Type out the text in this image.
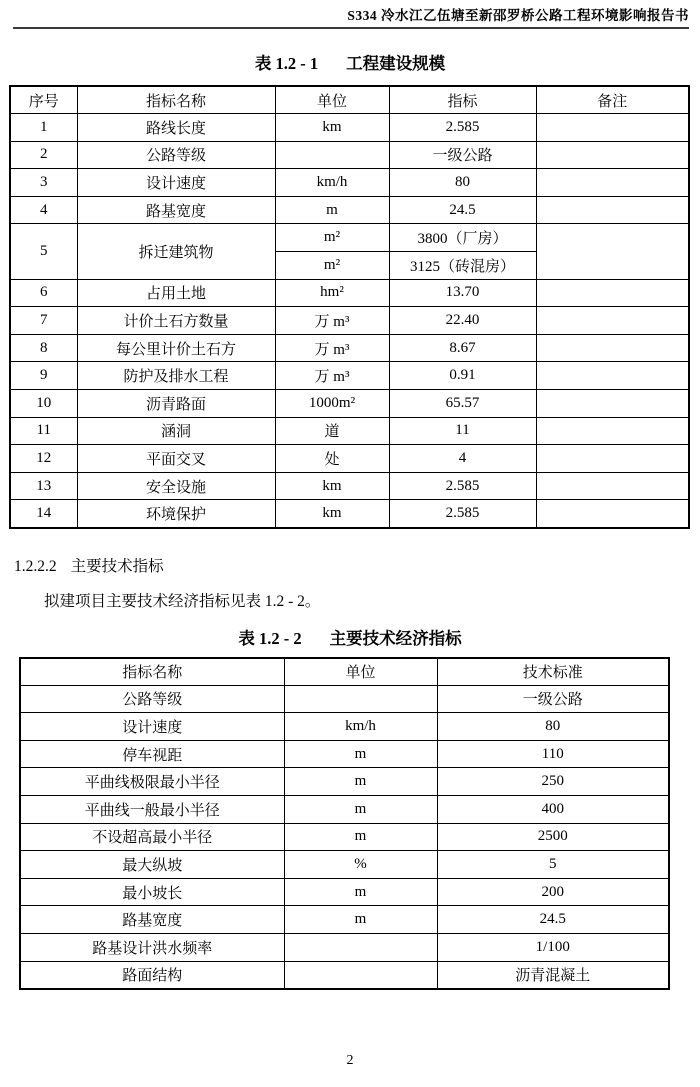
S334 冷水江乙伍塘至新邵罗桥公路工程环境影响报告书
表 1.2 - 1 工程建设规模
序号	指标名称	单位	指标	备注
1	路线长度	km	2.585	
2	公路等级		一级公路	
3	设计速度	km/h	80	
4	路基宽度	m	24.5	
5	拆迁建筑物	m²	3800（厂房）	
		m²	3125（砖混房）	
6	占用土地	hm²	13.70	
7	计价土石方数量	万 m³	22.40	
8	每公里计价土石方	万 m³	8.67	
9	防护及排水工程	万 m³	0.91	
10	沥青路面	1000m²	65.57	
11	涵洞	道	11	
12	平面交叉	处	4	
13	安全设施	km	2.585	
14	环境保护	km	2.585	
1.2.2.2 主要技术指标
拟建项目主要技术经济指标见表 1.2 - 2。
表 1.2 - 2 主要技术经济指标
指标名称	单位	技术标准
公路等级		一级公路
设计速度	km/h	80
停车视距	m	110
平曲线极限最小半径	m	250
平曲线一般最小半径	m	400
不设超高最小半径	m	2500
最大纵坡	%	5
最小坡长	m	200
路基宽度	m	24.5
路基设计洪水频率		1/100
路面结构		沥青混凝土
2
